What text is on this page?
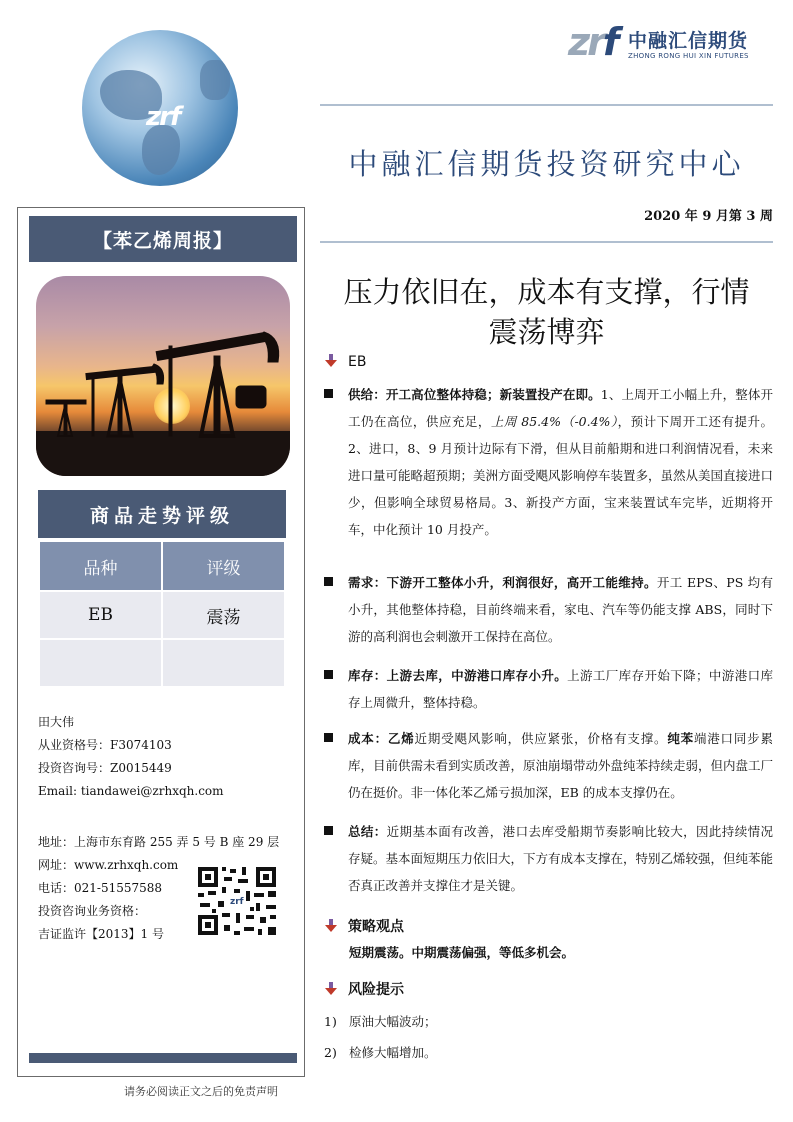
zrf
zrf 中融汇信期货
ZHONG RONG HUI XIN FUTURES
中融汇信期货投资研究中心
2020 年 9 月第 3 周
【苯乙烯周报】
商品走势评级
品种	评级
EB	震荡

田大伟
从业资格号：F3074103
投资咨询号：Z0015449
Email: tiandawei@zrhxqh.com
地址：上海市东育路 255 弄 5 号 B 座 29 层
网址：www.zrhxqh.com
电话：021-51557588
投资咨询业务资格：
吉证监许【2013】1 号
zrf
请务必阅读正文之后的免责声明
压力依旧在，成本有支撑，行情
震荡博弈
EB
供给：开工高位整体持稳；新装置投产在即。1、上周开工小幅上升，整体开工仍在高位，供应充足，上周 85.4%（-0.4%），预计下周开工还有提升。2、进口，8、9 月预计边际有下滑，但从目前船期和进口利润情况看，未来进口量可能略超预期；美洲方面受飓风影响停车装置多，虽然从美国直接进口少，但影响全球贸易格局。3、新投产方面，宝来装置试车完毕，近期将开车，中化预计 10 月投产。
需求：下游开工整体小升，利润很好，高开工能维持。开工 EPS、PS 均有小升，其他整体持稳，目前终端来看，家电、汽车等仍能支撑 ABS，同时下游的高利润也会刺激开工保持在高位。
库存：上游去库，中游港口库存小升。上游工厂库存开始下降；中游港口库存上周微升，整体持稳。
成本：乙烯近期受飓风影响，供应紧张，价格有支撑。纯苯端港口同步累库，目前供需未看到实质改善，原油崩塌带动外盘纯苯持续走弱，但内盘工厂仍在挺价。非一体化苯乙烯亏损加深，EB 的成本支撑仍在。
总结：近期基本面有改善，港口去库受船期节奏影响比较大，因此持续情况存疑。基本面短期压力依旧大，下方有成本支撑在，特别乙烯较强，但纯苯能否真正改善并支撑住才是关键。
策略观点
短期震荡。中期震荡偏强，等低多机会。
风险提示
1) 原油大幅波动；
2) 检修大幅增加。
